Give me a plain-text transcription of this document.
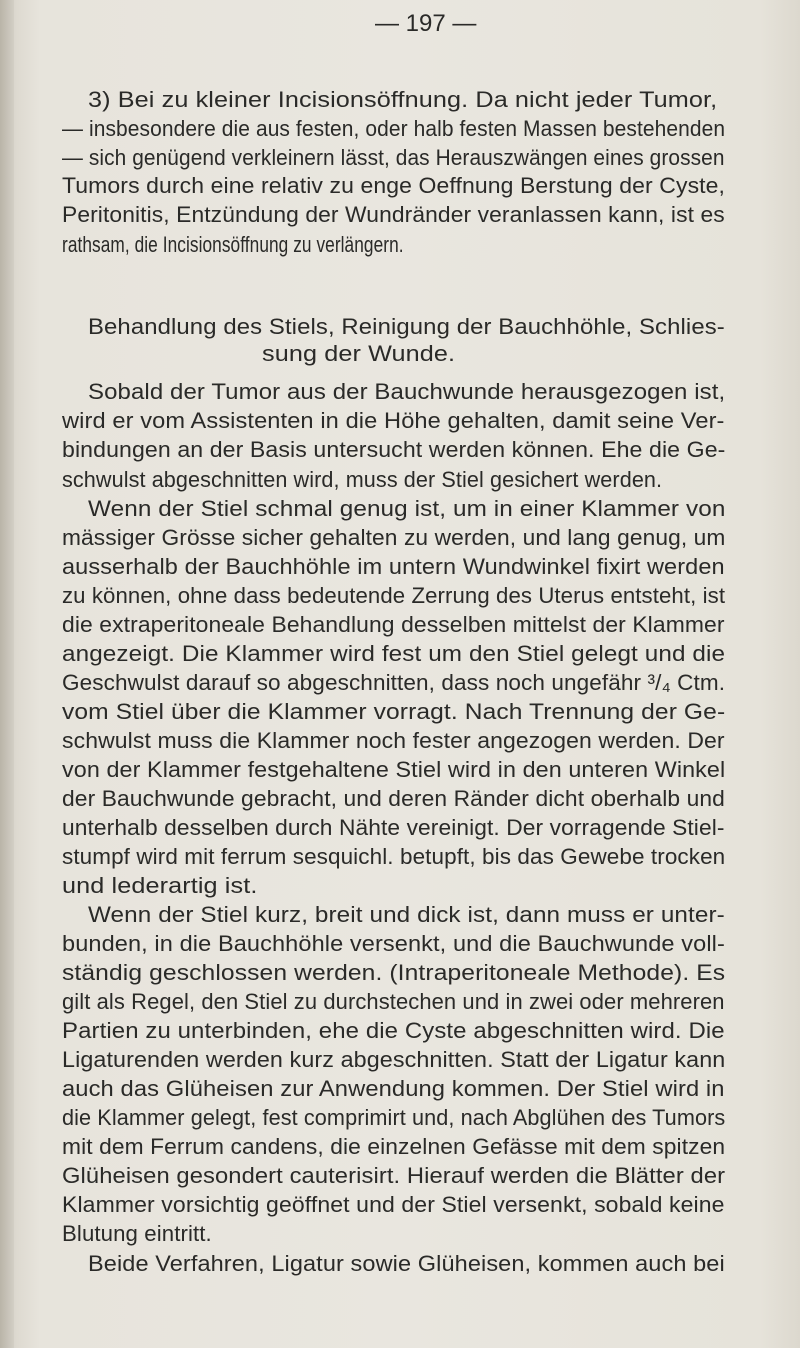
— 197 —
3) Bei zu kleiner Incisionsöffnung. Da nicht jeder Tumor,
— insbesondere die aus festen, oder halb festen Massen bestehenden
— sich genügend verkleinern lässt, das Herauszwängen eines grossen
Tumors durch eine relativ zu enge Oeffnung Berstung der Cyste,
Peritonitis, Entzündung der Wundränder veranlassen kann, ist es
rathsam, die Incisionsöffnung zu verlängern.
Behandlung des Stiels, Reinigung der Bauchhöhle, Schlies-
sung der Wunde.
Sobald der Tumor aus der Bauchwunde herausgezogen ist,
wird er vom Assistenten in die Höhe gehalten, damit seine Ver-
bindungen an der Basis untersucht werden können. Ehe die Ge-
schwulst abgeschnitten wird, muss der Stiel gesichert werden.
Wenn der Stiel schmal genug ist, um in einer Klammer von
mässiger Grösse sicher gehalten zu werden, und lang genug, um
ausserhalb der Bauchhöhle im untern Wundwinkel fixirt werden
zu können, ohne dass bedeutende Zerrung des Uterus entsteht, ist
die extraperitoneale Behandlung desselben mittelst der Klammer
angezeigt. Die Klammer wird fest um den Stiel gelegt und die
Geschwulst darauf so abgeschnitten, dass noch ungefähr ³/₄ Ctm.
vom Stiel über die Klammer vorragt. Nach Trennung der Ge-
schwulst muss die Klammer noch fester angezogen werden. Der
von der Klammer festgehaltene Stiel wird in den unteren Winkel
der Bauchwunde gebracht, und deren Ränder dicht oberhalb und
unterhalb desselben durch Nähte vereinigt. Der vorragende Stiel-
stumpf wird mit ferrum sesquichl. betupft, bis das Gewebe trocken
und lederartig ist.
Wenn der Stiel kurz, breit und dick ist, dann muss er unter-
bunden, in die Bauchhöhle versenkt, und die Bauchwunde voll-
ständig geschlossen werden. (Intraperitoneale Methode). Es
gilt als Regel, den Stiel zu durchstechen und in zwei oder mehreren
Partien zu unterbinden, ehe die Cyste abgeschnitten wird. Die
Ligaturenden werden kurz abgeschnitten. Statt der Ligatur kann
auch das Glüheisen zur Anwendung kommen. Der Stiel wird in
die Klammer gelegt, fest comprimirt und, nach Abglühen des Tumors
mit dem Ferrum candens, die einzelnen Gefässe mit dem spitzen
Glüheisen gesondert cauterisirt. Hierauf werden die Blätter der
Klammer vorsichtig geöffnet und der Stiel versenkt, sobald keine
Blutung eintritt.
Beide Verfahren, Ligatur sowie Glüheisen, kommen auch bei
